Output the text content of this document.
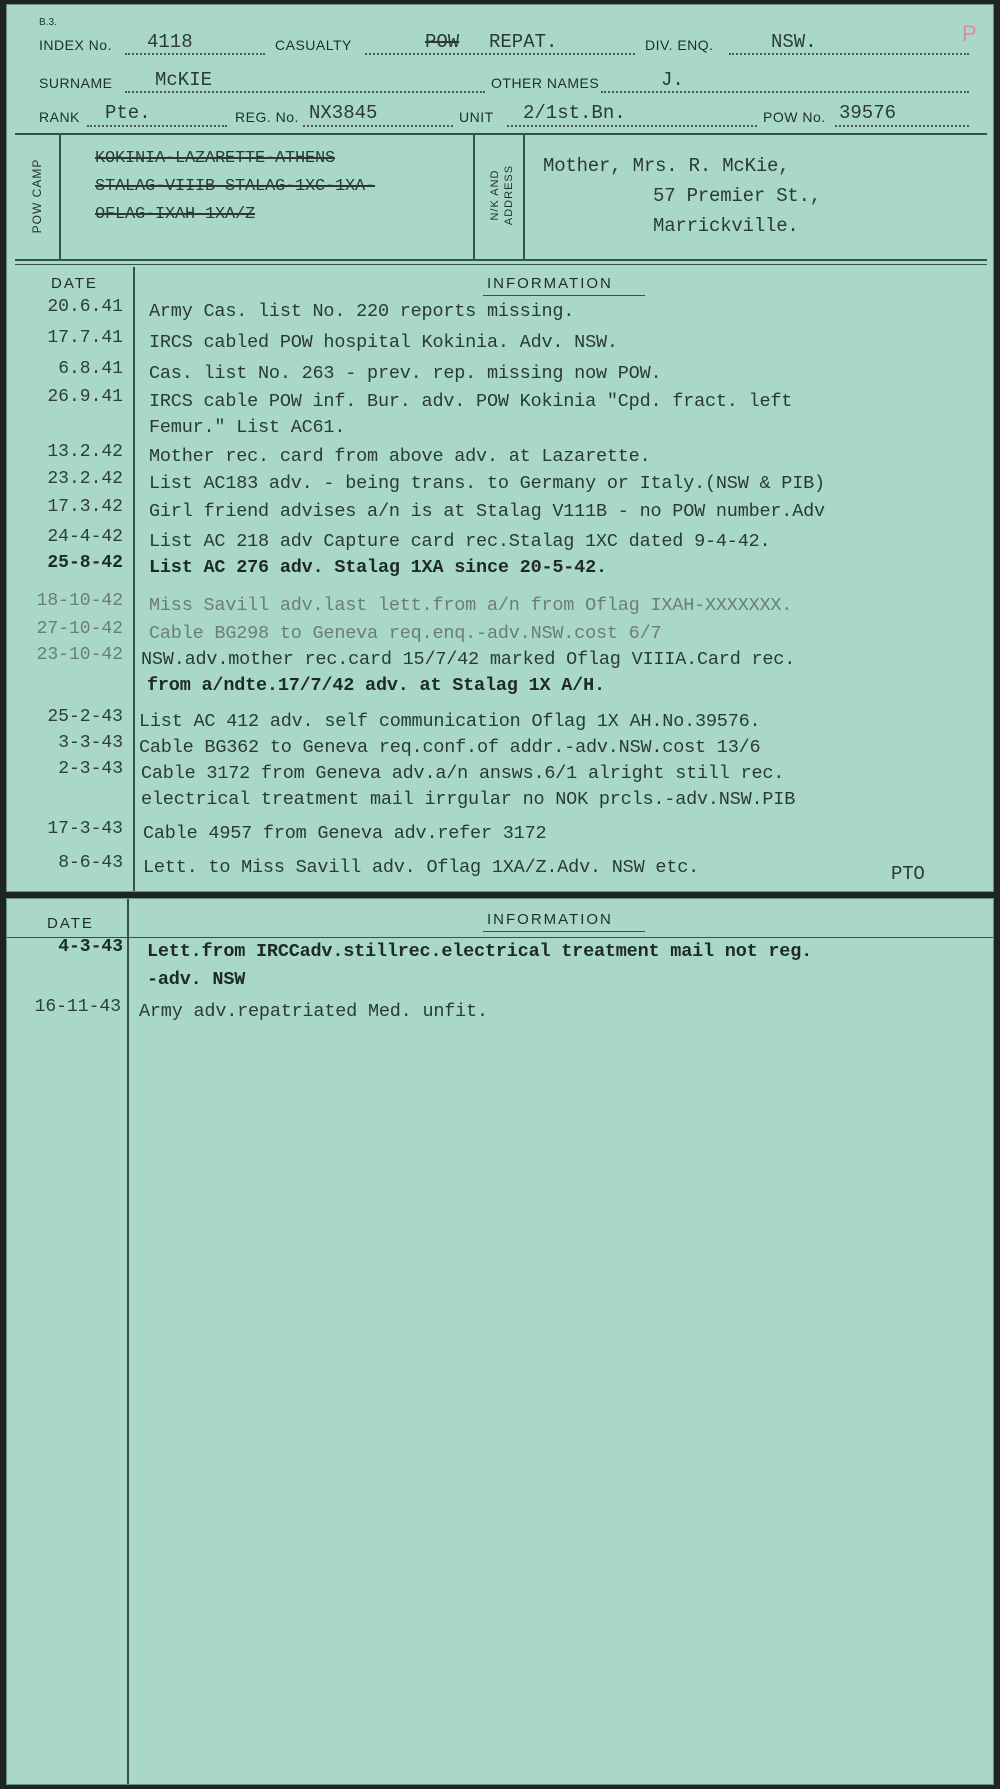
B.3.	P
INDEX No. 4118	CASUALTY	POW REPAT.	DIV. ENQ.	NSW.
SURNAME McKIE	OTHER NAMES	J.
RANK Pte.	REG. No. NX3845	UNIT 2/1st.Bn.	POW No. 39576
POW CAMP
KOKINIA-LAZARETTE-ATHENS
STALAG-VIIIB STALAG-1XC-1XA-
OFLAG-IXAH 1XA/Z	N/K AND ADDRESS Mother, Mrs. R. McKie,
57 Premier St.,
Marrickville.
DATE	INFORMATION
20.6.41 Army Cas. list No. 220 reports missing.
17.7.41 IRCS cabled POW hospital Kokinia. Adv. NSW.
6.8.41 Cas. list No. 263 - prev. rep. missing now POW.
26.9.41 IRCS cable POW inf. Bur. adv. POW Kokinia "Cpd. fract. left
Femur." List AC61.
13.2.42 Mother rec. card from above adv. at Lazarette.
23.2.42 List AC183 adv. - being trans. to Germany or Italy.(NSW & PIB)
17.3.42 Girl friend advises a/n is at Stalag V111B - no POW number.Adv
24-4-42 List AC 218 adv Capture card rec.Stalag 1XC dated 9-4-42.
25-8-42 List AC 276 adv. Stalag 1XA since 20-5-42.
18-10-42 Miss Savill adv.last lett.from a/n from Oflag IXAH-XXXXXXX.
27-10-42 Cable BG298 to Geneva req.enq.-adv.NSW.cost 6/7
23-10-42 NSW.adv.mother rec.card 15/7/42 marked Oflag VIIIA.Card rec.
from a/ndte.17/7/42 adv. at Stalag 1X A/H.
25-2-43 List AC 412 adv. self communication Oflag 1X AH.No.39576.
3-3-43 Cable BG362 to Geneva req.conf.of addr.-adv.NSW.cost 13/6
2-3-43 Cable 3172 from Geneva adv.a/n answs.6/1 alright still rec.
electrical treatment mail irrgular no NOK prcls.-adv.NSW.PIB
17-3-43 Cable 4957 from Geneva adv.refer 3172
8-6-43 Lett. to Miss Savill adv. Oflag 1XA/Z.Adv. NSW etc.	PTO
DATE	INFORMATION
4-3-43 Lett.from IRCCadv.stillrec.electrical treatment mail not reg.
-adv. NSW
16-11-43 Army adv.repatriated Med. unfit.
